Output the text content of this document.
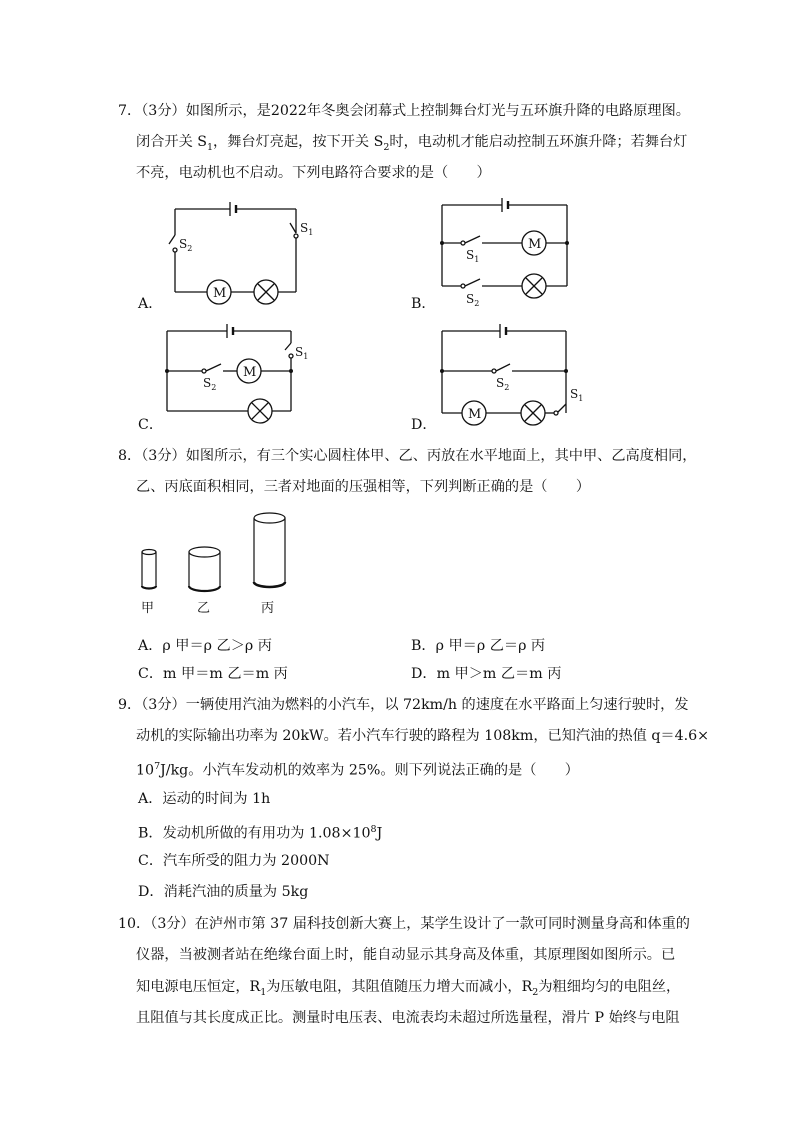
7．（3分）如图所示，是2022年冬奥会闭幕式上控制舞台灯光与五环旗升降的电路原理图。
闭合开关 $S_1$，舞台灯亮起，按下开关 $S_2$时，电动机才能启动控制五环旗升降；若舞台灯
不亮，电动机也不启动。下列电路符合要求的是（　　）
A．
M
$S_2$
$S_1$
B．
M
$S_1$
$S_2$
C．
M
$S_2$
$S_1$
D．
M
$S_2$	$S_1$
8．（3分）如图所示，有三个实心圆柱体甲、乙、丙放在水平地面上，其中甲、乙高度相同，
乙、丙底面积相同，三者对地面的压强相等，下列判断正确的是（　　）
甲	乙	丙
A．ρ 甲＝ρ 乙＞ρ 丙	B．ρ 甲＝ρ 乙＝ρ 丙
C．m 甲＝m 乙＝m 丙	D．m 甲＞m 乙＝m 丙
9．（3分）一辆使用汽油为燃料的小汽车，以 72km/h 的速度在水平路面上匀速行驶时，发
动机的实际输出功率为 20kW。若小汽车行驶的路程为 108km，已知汽油的热值 q＝4.6×
$10^7J/kg$。小汽车发动机的效率为 25%。则下列说法正确的是（　　）
A．运动的时间为 1h
B．发动机所做的有用功为 $1.08\times 10^8J$
C．汽车所受的阻力为 2000N
D．消耗汽油的质量为 5kg
10．（3分）在泸州市第 37 届科技创新大赛上，某学生设计了一款可同时测量身高和体重的
仪器，当被测者站在绝缘台面上时，能自动显示其身高及体重，其原理图如图所示。已
知电源电压恒定，$R_1$为压敏电阻，其阻值随压力增大而减小，$R_2$为粗细均匀的电阻丝，
且阻值与其长度成正比。测量时电压表、电流表均未超过所选量程，滑片 P 始终与电阻
